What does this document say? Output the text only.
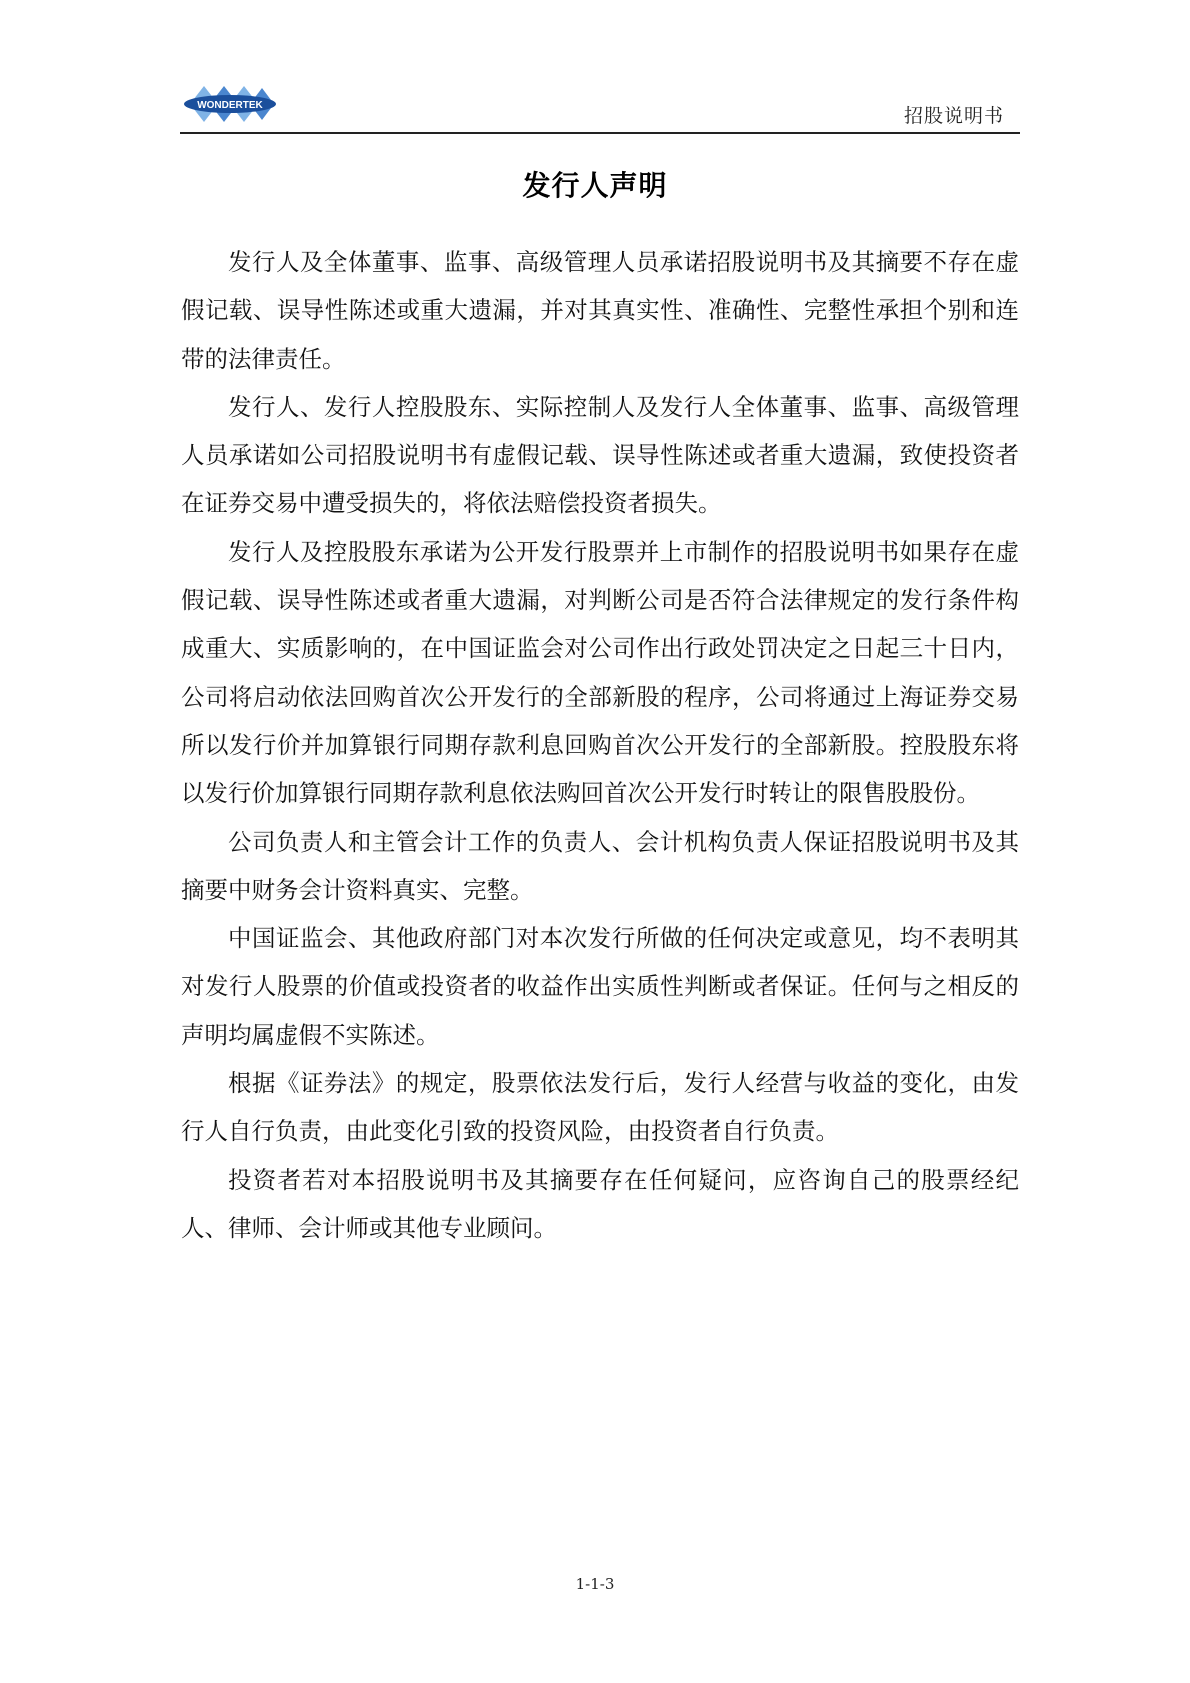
WONDERTEK	招股说明书
发行人声明

发行人及全体董事、监事、高级管理人员承诺招股说明书及其摘要不存在虚假记载、误导性陈述或重大遗漏，并对其真实性、准确性、完整性承担个别和连带的法律责任。

发行人、发行人控股股东、实际控制人及发行人全体董事、监事、高级管理人员承诺如公司招股说明书有虚假记载、误导性陈述或者重大遗漏，致使投资者在证券交易中遭受损失的，将依法赔偿投资者损失。

发行人及控股股东承诺为公开发行股票并上市制作的招股说明书如果存在虚假记载、误导性陈述或者重大遗漏，对判断公司是否符合法律规定的发行条件构成重大、实质影响的，在中国证监会对公司作出行政处罚决定之日起三十日内，公司将启动依法回购首次公开发行的全部新股的程序，公司将通过上海证券交易所以发行价并加算银行同期存款利息回购首次公开发行的全部新股。控股股东将以发行价加算银行同期存款利息依法购回首次公开发行时转让的限售股股份。

公司负责人和主管会计工作的负责人、会计机构负责人保证招股说明书及其摘要中财务会计资料真实、完整。

中国证监会、其他政府部门对本次发行所做的任何决定或意见，均不表明其对发行人股票的价值或投资者的收益作出实质性判断或者保证。任何与之相反的声明均属虚假不实陈述。

根据《证券法》的规定，股票依法发行后，发行人经营与收益的变化，由发行人自行负责，由此变化引致的投资风险，由投资者自行负责。

投资者若对本招股说明书及其摘要存在任何疑问，应咨询自己的股票经纪人、律师、会计师或其他专业顾问。

1-1-3
